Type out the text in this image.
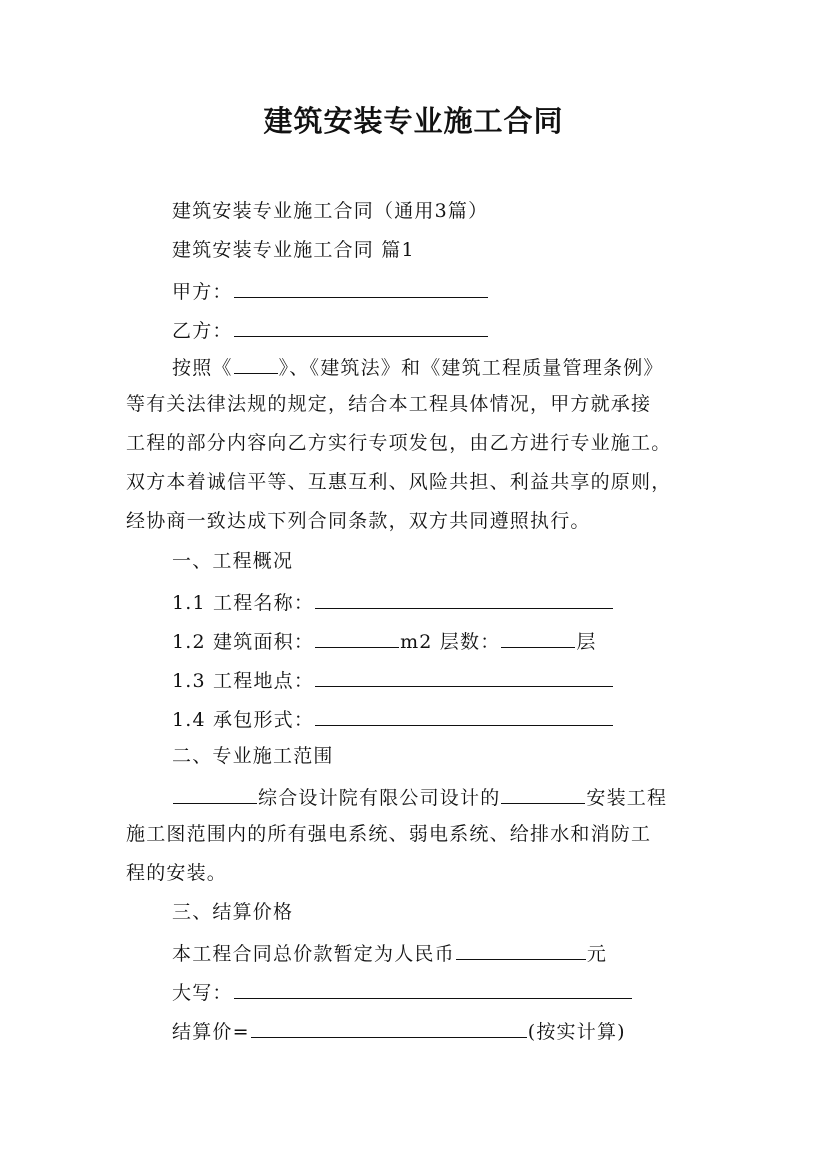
建筑安装专业施工合同
建筑安装专业施工合同（通用3篇）
建筑安装专业施工合同 篇1
甲方：
乙方：
按照《 》、《建筑法》和《建筑工程质量管理条例》
等有关法律法规的规定，结合本工程具体情况，甲方就承接
工程的部分内容向乙方实行专项发包，由乙方进行专业施工。
双方本着诚信平等、互惠互利、风险共担、利益共享的原则，
经协商一致达成下列合同条款，双方共同遵照执行。
一、工程概况
1.1 工程名称：
1.2 建筑面积：	m2 层数：	层
1.3 工程地点：
1.4 承包形式：
二、专业施工范围
综合设计院有限公司设计的	安装工程
施工图范围内的所有强电系统、弱电系统、给排水和消防工
程的安装。
三、结算价格
本工程合同总价款暂定为人民币	元
大写：
结算价=	(按实计算)
